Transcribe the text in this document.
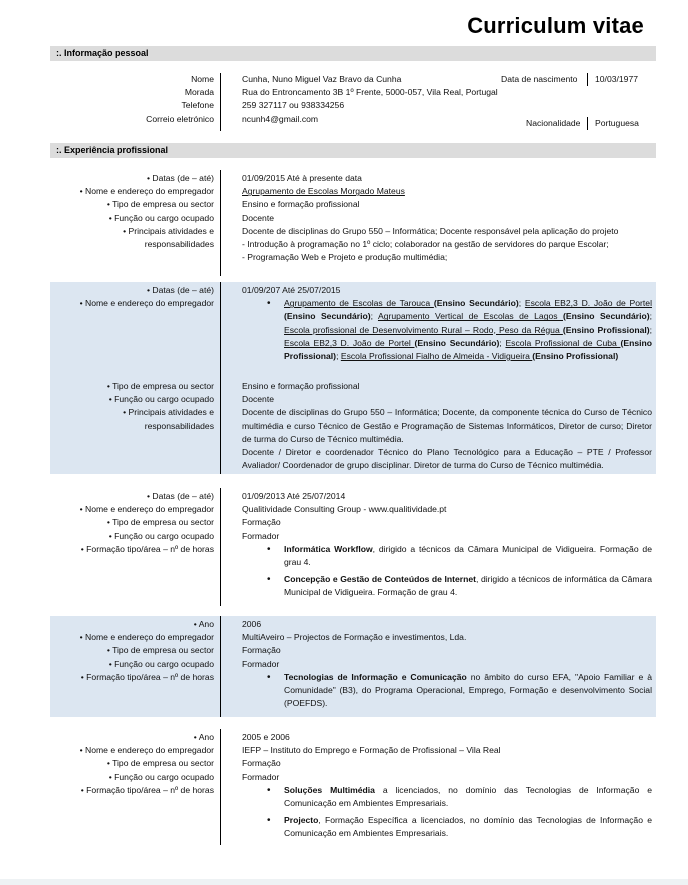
Curriculum vitae
:. Informação pessoal
Nome
Morada
Telefone
Correio eletrónico
Cunha, Nuno Miguel Vaz Bravo da Cunha
Rua do Entroncamento 3B 1º Frente, 5000-057, Vila Real, Portugal
259 327117 ou 938334256
ncunh4@gmail.com
Data de nascimento 10/03/1977
Nacionalidade Portuguesa
:. Experiência profissional
• Datas (de – até)
• Nome e endereço do empregador
• Tipo de empresa ou sector
• Função ou cargo ocupado
• Principais atividades e
responsabilidades
01/09/2015 Até à presente data
Agrupamento de Escolas Morgado Mateus
Ensino e formação profissional
Docente
Docente de disciplinas do Grupo 550 – Informática; Docente responsável pela aplicação do projeto
- Introdução à programação no 1º ciclo; colaborador na gestão de servidores do parque Escolar;
- Programação Web e Projeto e produção multimédia;
• Datas (de – até)
• Nome e endereço do empregador
• Tipo de empresa ou sector
• Função ou cargo ocupado
• Principais atividades e
responsabilidades
01/09/207 Até 25/07/2015
• Agrupamento de Escolas de Tarouca (Ensino Secundário); Escola EB2,3 D. João de Portel (Ensino Secundário); Agrupamento Vertical de Escolas de Lagos (Ensino Secundário); Escola profissional de Desenvolvimento Rural – Rodo, Peso da Régua (Ensino Profissional); Escola EB2,3 D. João de Portel (Ensino Secundário); Escola Profissional de Cuba (Ensino Profissional); Escola Profissional Fialho de Almeida - Vidigueira (Ensino Profissional)
Ensino e formação profissional
Docente
Docente de disciplinas do Grupo 550 – Informática; Docente, da componente técnica do Curso de Técnico multimédia e curso Técnico de Gestão e Programação de Sistemas Informáticos, Diretor de curso; Diretor de turma do Curso de Técnico multimédia.
Docente / Diretor e coordenador Técnico do Plano Tecnológico para a Educação – PTE / Professor Avaliador/ Coordenador de grupo disciplinar. Diretor de turma do Curso de Técnico multimédia.
• Datas (de – até)
• Nome e endereço do empregador
• Tipo de empresa ou sector
• Função ou cargo ocupado
• Formação tipo/área – nº de horas
01/09/2013 Até 25/07/2014
Qualitividade Consulting Group - www.qualitividade.pt
Formação
Formador
• Informática Workflow, dirigido a técnicos da Câmara Municipal de Vidigueira. Formação de grau 4.
• Concepção e Gestão de Conteúdos de Internet, dirigido a técnicos de informática da Câmara Municipal de Vidigueira. Formação de grau 4.
• Ano
• Nome e endereço do empregador
• Tipo de empresa ou sector
• Função ou cargo ocupado
• Formação tipo/área – nº de horas
2006
MultiAveiro – Projectos de Formação e investimentos, Lda.
Formação
Formador
• Tecnologias de Informação e Comunicação no âmbito do curso EFA, "Apoio Familiar e à Comunidade" (B3), do Programa Operacional, Emprego, Formação e desenvolvimento Social (POEFDS).
• Ano
• Nome e endereço do empregador
• Tipo de empresa ou sector
• Função ou cargo ocupado
• Formação tipo/área – nº de horas
2005 e 2006
IEFP – Instituto do Emprego e Formação de Profissional – Vila Real
Formação
Formador
• Soluções Multimédia a licenciados, no domínio das Tecnologias de Informação e Comunicação em Ambientes Empresariais.
• Projecto, Formação Específica a licenciados, no domínio das Tecnologias de Informação e Comunicação em Ambientes Empresariais.
